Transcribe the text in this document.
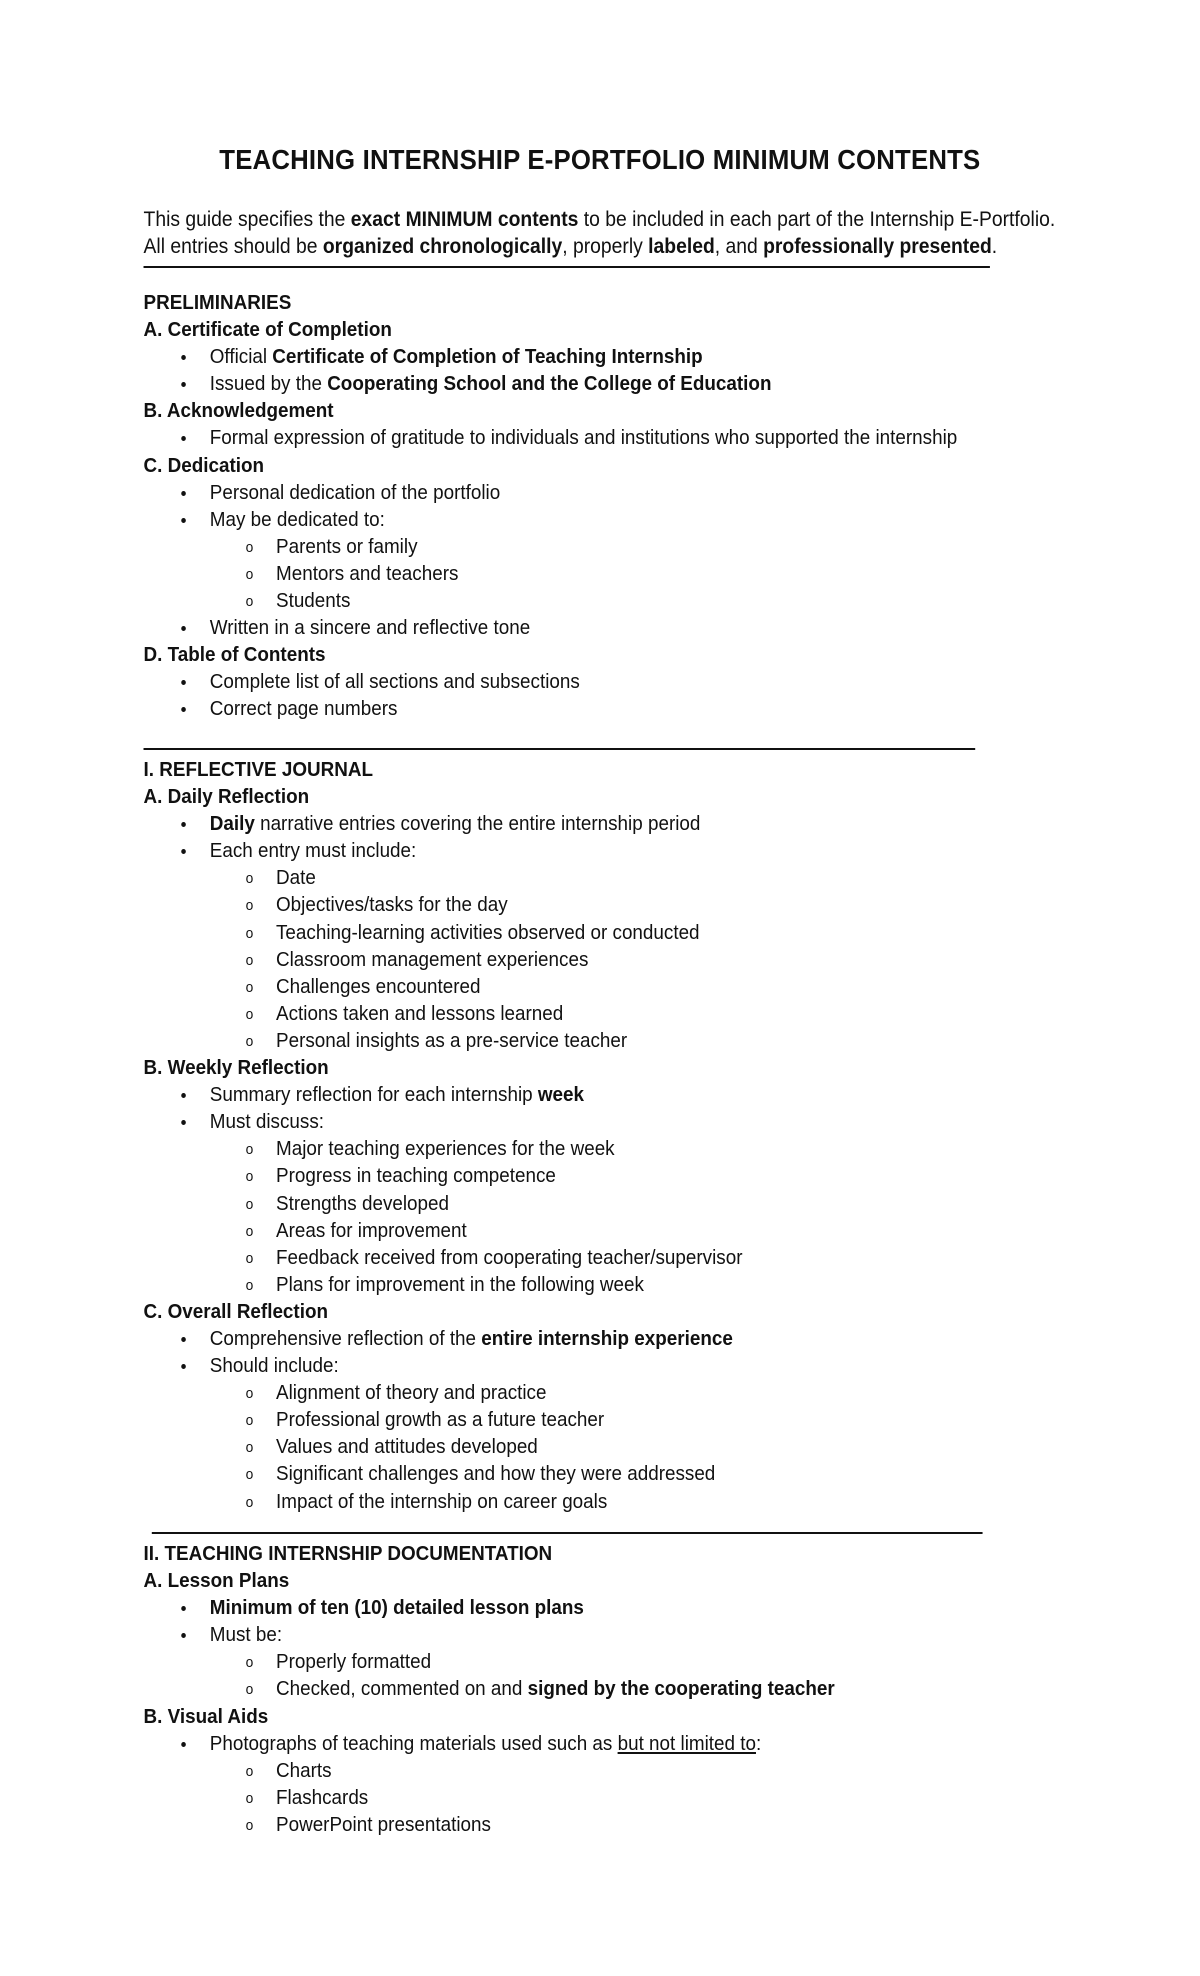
TEACHING INTERNSHIP E-PORTFOLIO MINIMUM CONTENTS
This guide specifies the exact MINIMUM contents to be included in each part of the Internship E-Portfolio.
All entries should be organized chronologically, properly labeled, and professionally presented.
PRELIMINARIES
A. Certificate of Completion
Official Certificate of Completion of Teaching Internship
Issued by the Cooperating School and the College of Education
B. Acknowledgement
Formal expression of gratitude to individuals and institutions who supported the internship
C. Dedication
Personal dedication of the portfolio
May be dedicated to:
o Parents or family
o Mentors and teachers
o Students
Written in a sincere and reflective tone
D. Table of Contents
Complete list of all sections and subsections
Correct page numbers
I. REFLECTIVE JOURNAL
A. Daily Reflection
Daily narrative entries covering the entire internship period
Each entry must include:
o Date
o Objectives/tasks for the day
o Teaching-learning activities observed or conducted
o Classroom management experiences
o Challenges encountered
o Actions taken and lessons learned
o Personal insights as a pre-service teacher
B. Weekly Reflection
Summary reflection for each internship week
Must discuss:
o Major teaching experiences for the week
o Progress in teaching competence
o Strengths developed
o Areas for improvement
o Feedback received from cooperating teacher/supervisor
o Plans for improvement in the following week
C. Overall Reflection
Comprehensive reflection of the entire internship experience
Should include:
o Alignment of theory and practice
o Professional growth as a future teacher
o Values and attitudes developed
o Significant challenges and how they were addressed
o Impact of the internship on career goals
II. TEACHING INTERNSHIP DOCUMENTATION
A. Lesson Plans
Minimum of ten (10) detailed lesson plans
Must be:
o Properly formatted
o Checked, commented on and signed by the cooperating teacher
B. Visual Aids
Photographs of teaching materials used such as but not limited to:
o Charts
o Flashcards
o PowerPoint presentations
